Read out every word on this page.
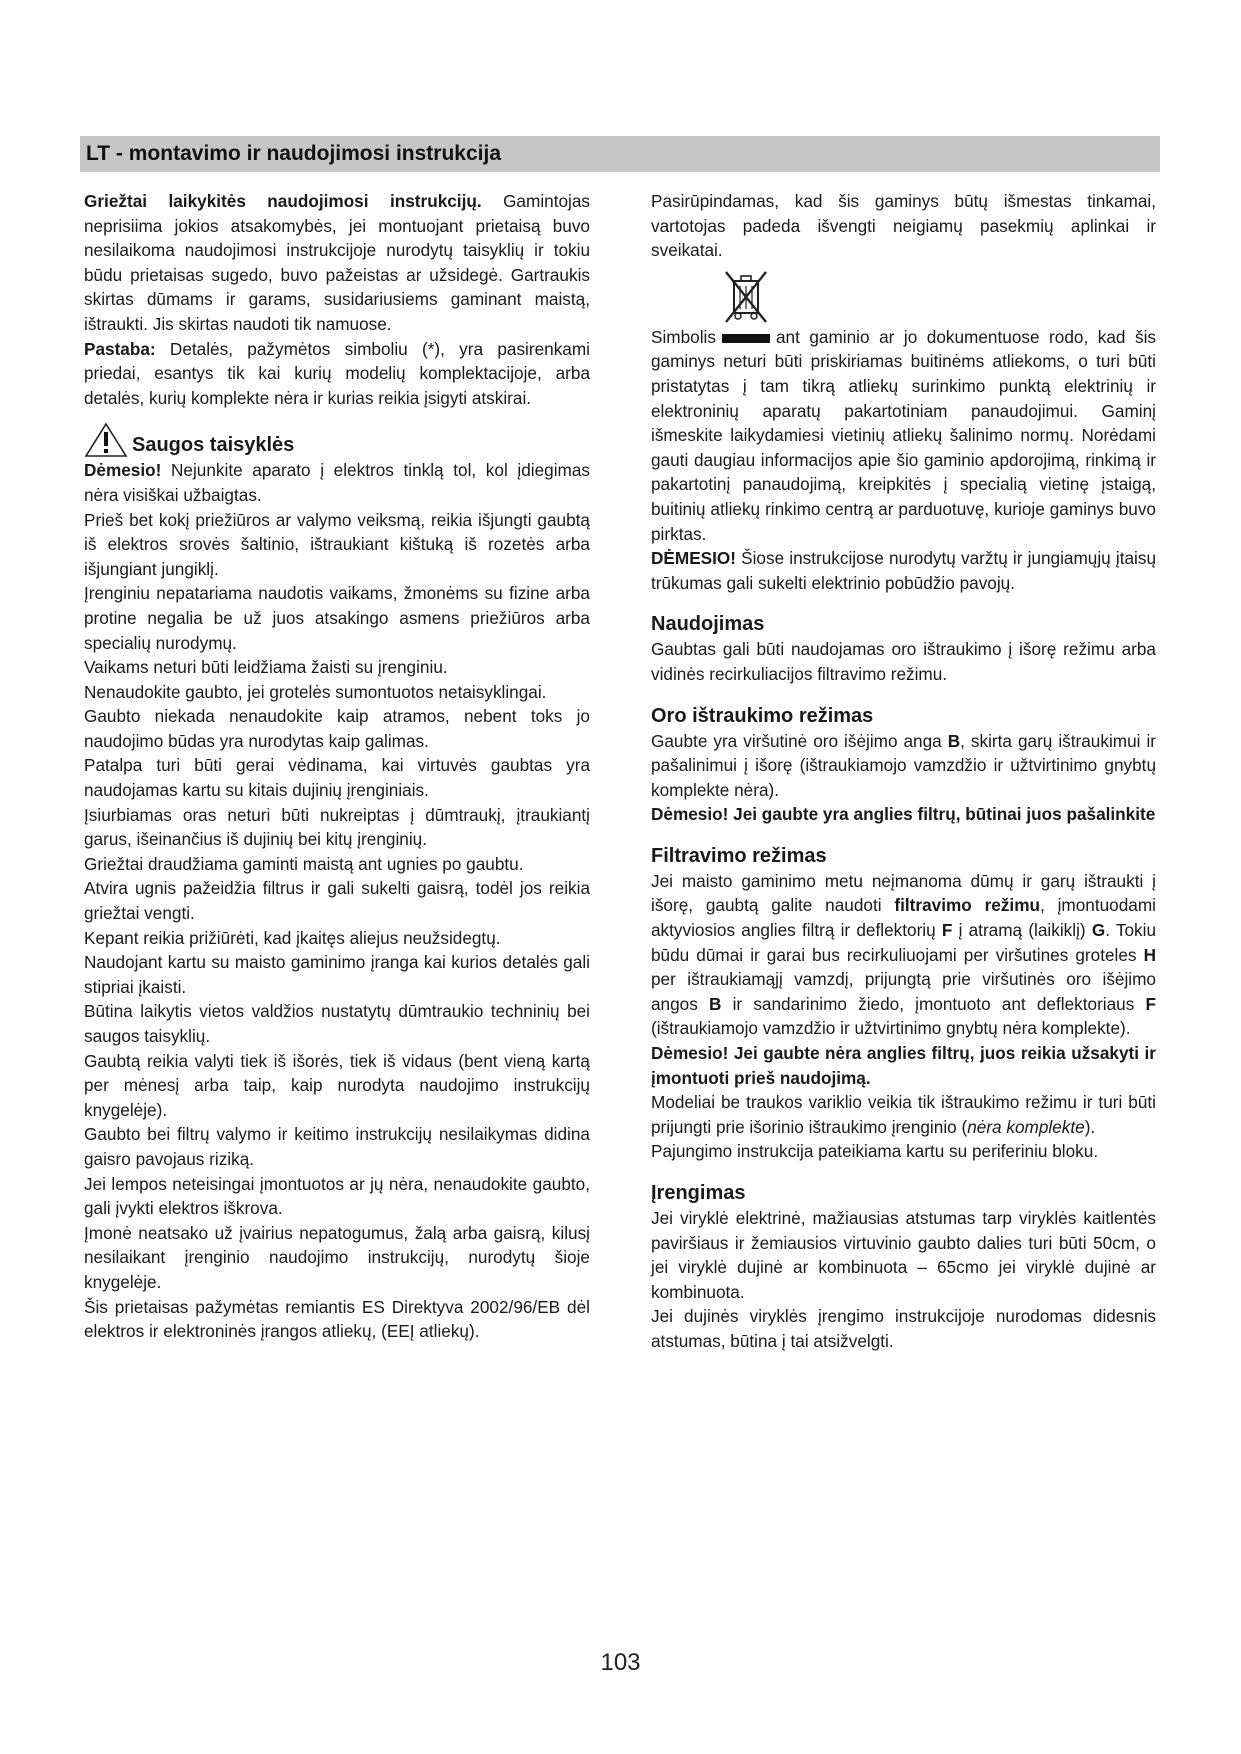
LT - montavimo ir naudojimosi instrukcija

Griežtai laikykitės naudojimosi instrukcijų. Gamintojas neprisiima jokios atsakomybės, jei montuojant prietaisą buvo nesilaikoma naudojimosi instrukcijoje nurodytų taisyklių ir tokiu būdu prietaisas sugedo, buvo pažeistas ar užsidegė. Gartraukis skirtas dūmams ir garams, susidariusiems gaminant maistą, ištraukti. Jis skirtas naudoti tik namuose.

Pastaba: Detalės, pažymėtos simboliu (*), yra pasirenkami priedai, esantys tik kai kurių modelių komplektacijoje, arba detalės, kurių komplekte nėra ir kurias reikia įsigyti atskirai.

Saugos taisyklės

Dėmesio! Nejunkite aparato į elektros tinklą tol, kol įdiegimas nėra visiškai užbaigtas.

Prieš bet kokį priežiūros ar valymo veiksmą, reikia išjungti gaubtą iš elektros srovės šaltinio, ištraukiant kištuką iš rozetės arba išjungiant jungiklį.

Įrenginiu nepatariama naudotis vaikams, žmonėms su fizine arba protine negalia be už juos atsakingo asmens priežiūros arba specialių nurodymų.

Vaikams neturi būti leidžiama žaisti su įrenginiu.

Nenaudokite gaubto, jei grotelės sumontuotos netaisyklingai.

Gaubto niekada nenaudokite kaip atramos, nebent toks jo naudojimo būdas yra nurodytas kaip galimas.

Patalpa turi būti gerai vėdinama, kai virtuvės gaubtas yra naudojamas kartu su kitais dujinių įrenginiais.

Įsiurbiamas oras neturi būti nukreiptas į dūmtraukį, įtraukiantį garus, išeinančius iš dujinių bei kitų įrenginių.

Griežtai draudžiama gaminti maistą ant ugnies po gaubtu.

Atvira ugnis pažeidžia filtrus ir gali sukelti gaisrą, todėl jos reikia griežtai vengti.

Kepant reikia prižiūrėti, kad įkaitęs aliejus neužsidegtų.

Naudojant kartu su maisto gaminimo įranga kai kurios detalės gali stipriai įkaisti.

Būtina laikytis vietos valdžios nustatytų dūmtraukio techninių bei saugos taisyklių.

Gaubtą reikia valyti tiek iš išorės, tiek iš vidaus (bent vieną kartą per mėnesį arba taip, kaip nurodyta naudojimo instrukcijų knygelėje).

Gaubto bei filtrų valymo ir keitimo instrukcijų nesilaikymas didina gaisro pavojaus riziką.

Jei lempos neteisingai įmontuotos ar jų nėra, nenaudokite gaubto, gali įvykti elektros iškrova.

Įmonė neatsako už įvairius nepatogumus, žalą arba gaisrą, kilusį nesilaikant įrenginio naudojimo instrukcijų, nurodytų šioje knygelėje.

Šis prietaisas pažymėtas remiantis ES Direktyva 2002/96/EB dėl elektros ir elektroninės įrangos atliekų, (EEĮ atliekų).

Pasirūpindamas, kad šis gaminys būtų išmestas tinkamai, vartotojas padeda išvengti neigiamų pasekmių aplinkai ir sveikatai.

Simbolis	ant gaminio ar jo dokumentuose rodo, kad šis gaminys neturi būti priskiriamas buitinėms atliekoms, o turi būti pristatytas į tam tikrą atliekų surinkimo punktą elektrinių ir elektroninių aparatų pakartotiniam panaudojimui. Gaminį išmeskite laikydamiesi vietinių atliekų šalinimo normų. Norėdami gauti daugiau informacijos apie šio gaminio apdorojimą, rinkimą ir pakartotinį panaudojimą, kreipkitės į specialią vietinę įstaigą, buitinių atliekų rinkimo centrą ar parduotuvę, kurioje gaminys buvo pirktas.

DĖMESIO! Šiose instrukcijose nurodytų varžtų ir jungiamųjų įtaisų trūkumas gali sukelti elektrinio pobūdžio pavojų.

Naudojimas

Gaubtas gali būti naudojamas oro ištraukimo į išorę režimu arba vidinės recirkuliacijos filtravimo režimu.

Oro ištraukimo režimas

Gaubte yra viršutinė oro išėjimo anga B, skirta garų ištraukimui ir pašalinimui į išorę (ištraukiamojo vamzdžio ir užtvirtinimo gnybtų komplekte nėra).

Dėmesio! Jei gaubte yra anglies filtrų, būtinai juos pašalinkite

Filtravimo režimas

Jei maisto gaminimo metu neįmanoma dūmų ir garų ištraukti į išorę, gaubtą galite naudoti filtravimo režimu, įmontuodami aktyviosios anglies filtrą ir deflektorių F į atramą (laikiklį) G. Tokiu būdu dūmai ir garai bus recirkuliuojami per viršutines groteles H per ištraukiamąjį vamzdį, prijungtą prie viršutinės oro išėjimo angos B ir sandarinimo žiedo, įmontuoto ant deflektoriaus F (ištraukiamojo vamzdžio ir užtvirtinimo gnybtų nėra komplekte).

Dėmesio! Jei gaubte nėra anglies filtrų, juos reikia užsakyti ir įmontuoti prieš naudojimą.

Modeliai be traukos variklio veikia tik ištraukimo režimu ir turi būti prijungti prie išorinio ištraukimo įrenginio (nėra komplekte).

Pajungimo instrukcija pateikiama kartu su periferiniu bloku.

Įrengimas

Jei viryklė elektrinė, mažiausias atstumas tarp viryklės kaitlentės paviršiaus ir žemiausios virtuvinio gaubto dalies turi būti 50cm, o jei viryklė dujinė ar kombinuota – 65cmo jei viryklė dujinė ar kombinuota.

Jei dujinės viryklės įrengimo instrukcijoje nurodomas didesnis atstumas, būtina į tai atsižvelgti.

103
